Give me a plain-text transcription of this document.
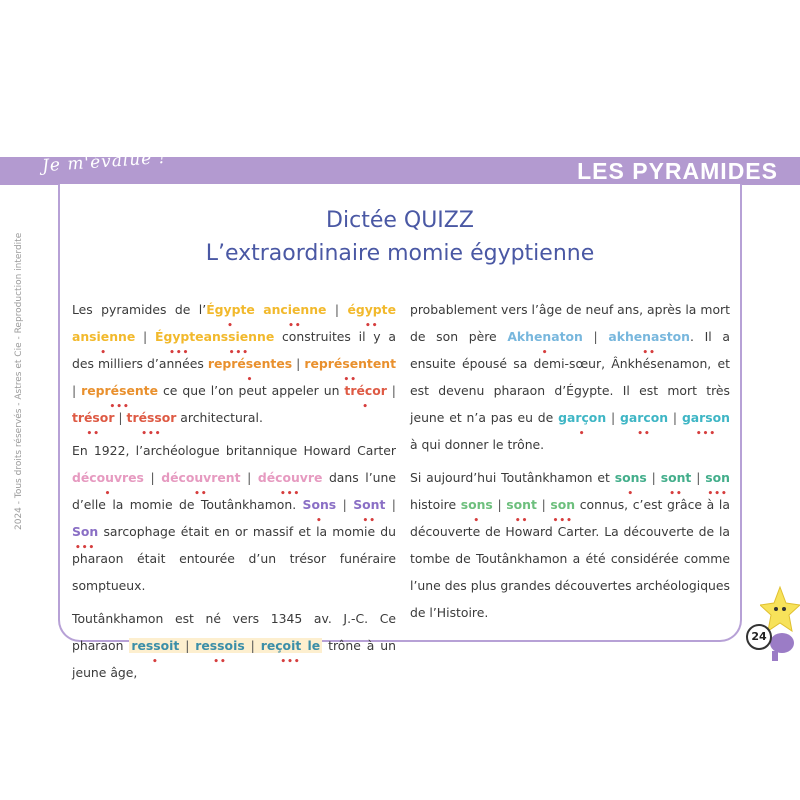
Je m'évalue !	LES PYRAMIDES
2024 - Tous droits réservés - Astres et Cie - Reproduction interdite
Dictée QUIZZ
L’extraordinaire momie égyptienne

Les pyramides de l’Égypte • ancienne •• | égypte •• ansienne • | Égypte •••anssienne ••• construites il y a des milliers d’années représentes • | représentent •• | représente ••• ce que l’on peut appeler un trécor • | trésor •• | tréssor ••• architectural.

En 1922, l’archéologue britannique Howard Carter découvres • | découvrent •• | découvre ••• dans l’une d’elle la momie de Toutânkhamon. Sons • | Sont •• | Son ••• sarcophage était en or massif et la momie du pharaon était entourée d’un trésor funéraire somptueux.

Toutânkhamon est né vers 1345 av. J.-C. Ce pharaon ressoit • | ressois •• | reçoit le ••• trône à un jeune âge,

probablement vers l’âge de neuf ans, après la mort de son père Akhenaton • | akhenaston ••. Il a ensuite épousé sa demi-sœur, Ânkhésenamon, et est devenu pharaon d’Égypte. Il est mort très jeune et n’a pas eu de garçon • | garcon •• | garson ••• à qui donner le trône.

Si aujourd’hui Toutânkhamon et sons • | sont •• | son ••• histoire sons • | sont •• | son ••• connus, c’est grâce à la découverte de Howard Carter. La découverte de la tombe de Toutânkhamon a été considérée comme l’une des plus grandes découvertes archéologiques de l’Histoire.

24
